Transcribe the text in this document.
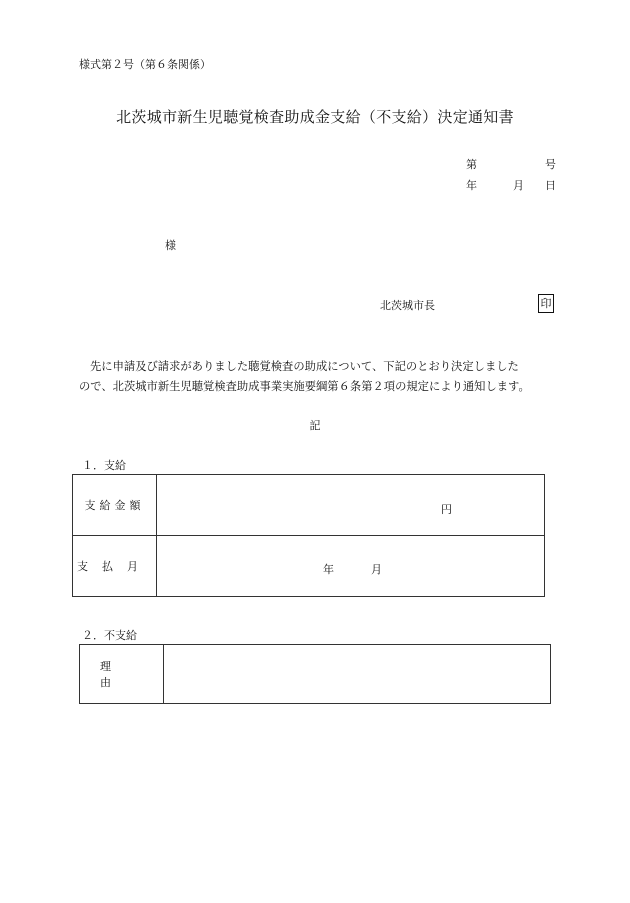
様式第２号（第６条関係）
北茨城市新生児聴覚検査助成金支給（不支給）決定通知書
第	号
年	月 日
様
北茨城市長	印

先に申請及び請求がありました聴覚検査の助成について、下記のとおり決定しました

ので、北茨城市新生児聴覚検査助成事業実施要綱第６条第２項の規定により通知します。

記
１．支給
支給金額	円

支払月	年 月
２．不支給
理由	
